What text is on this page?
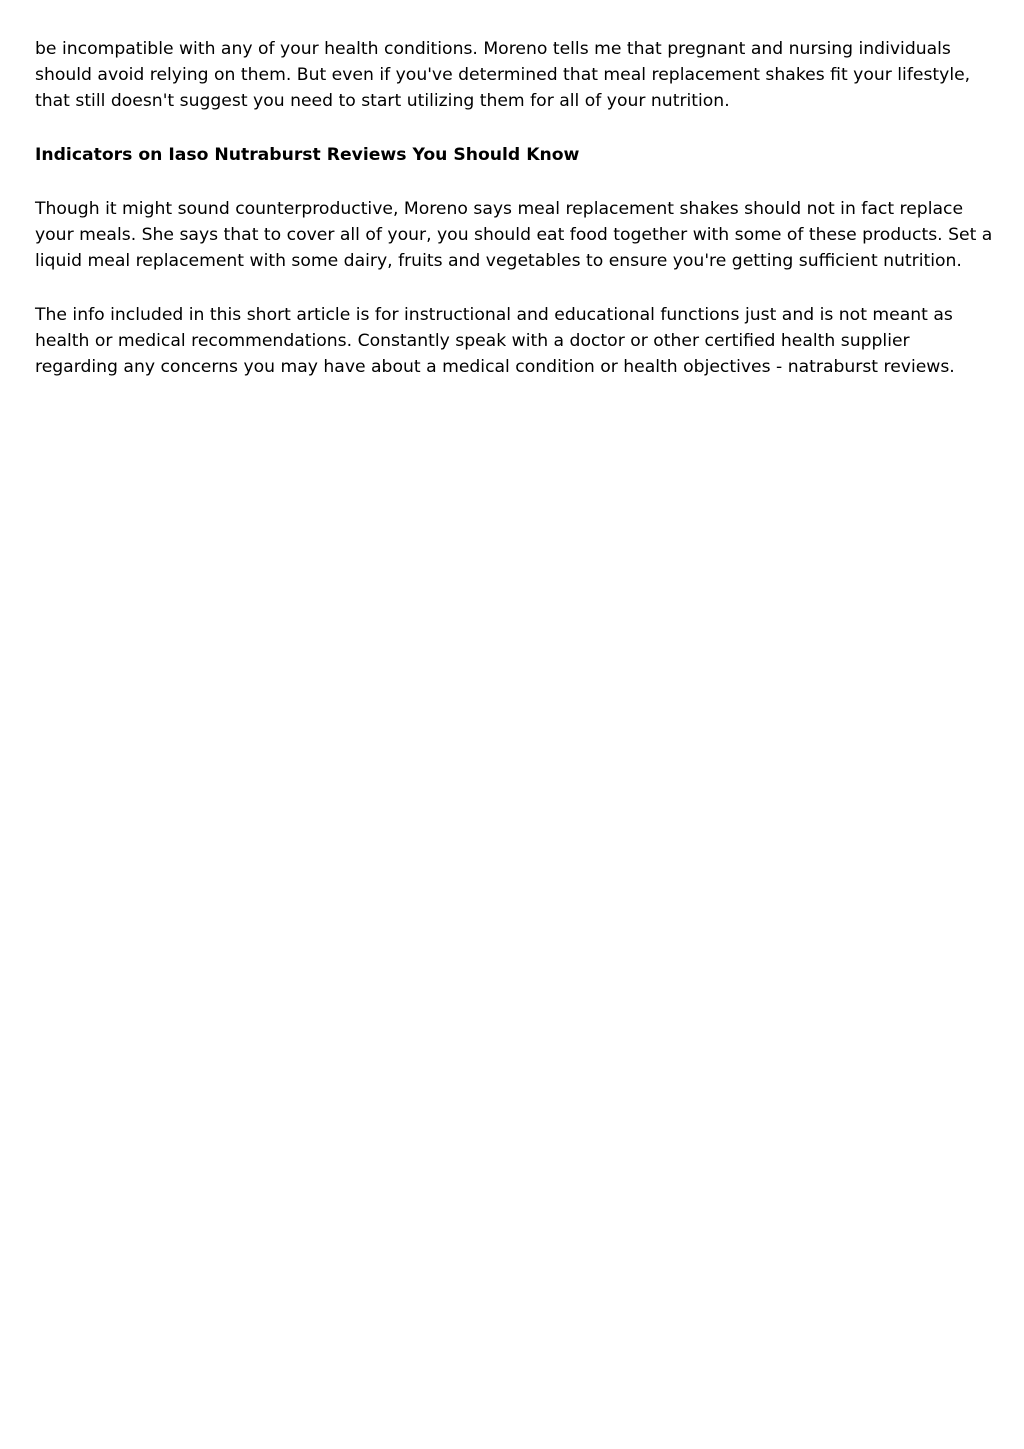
be incompatible with any of your health conditions. Moreno tells me that pregnant and nursing individuals should avoid relying on them. But even if you've determined that meal replacement shakes fit your lifestyle, that still doesn't suggest you need to start utilizing them for all of your nutrition.

Indicators on Iaso Nutraburst Reviews You Should Know

Though it might sound counterproductive, Moreno says meal replacement shakes should not in fact replace your meals. She says that to cover all of your, you should eat food together with some of these products. Set a liquid meal replacement with some dairy, fruits and vegetables to ensure you're getting sufficient nutrition.

The info included in this short article is for instructional and educational functions just and is not meant as health or medical recommendations. Constantly speak with a doctor or other certified health supplier regarding any concerns you may have about a medical condition or health objectives - natraburst reviews.
